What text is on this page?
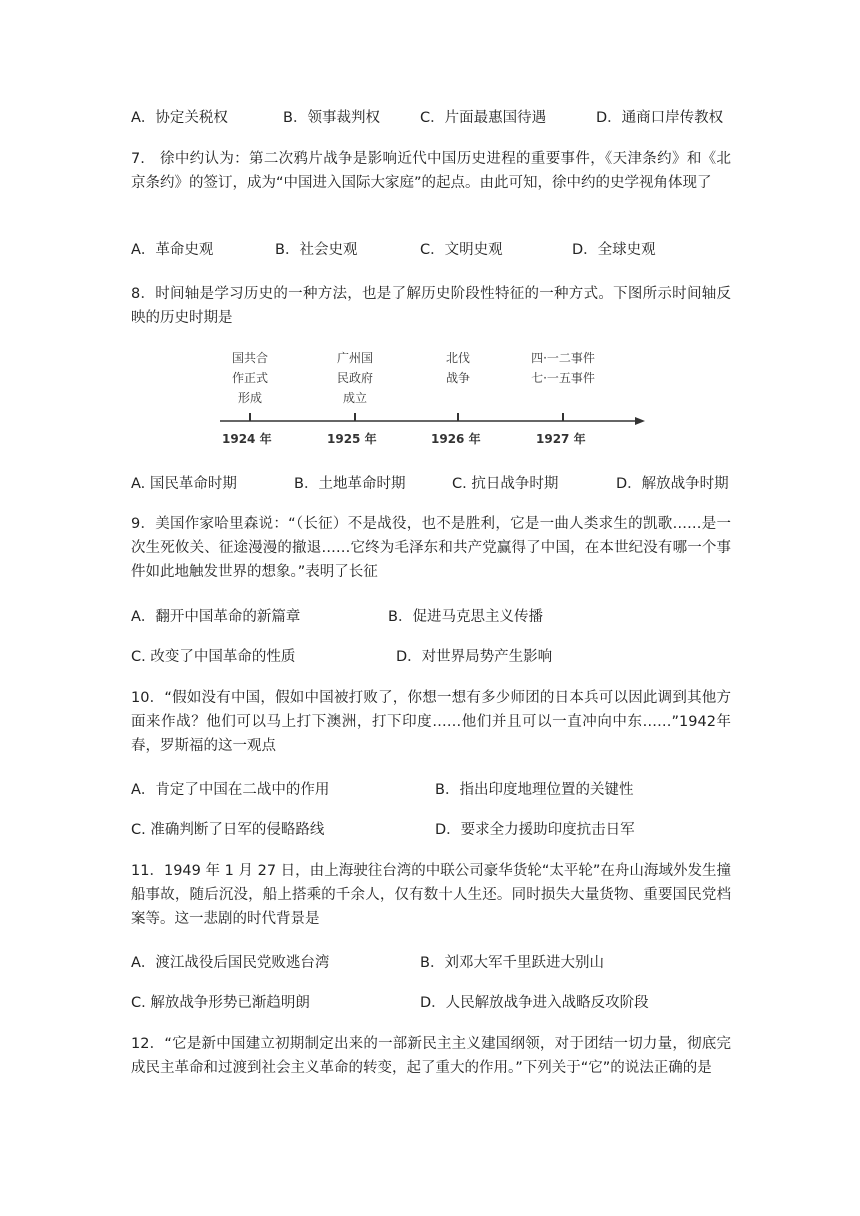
A．协定关税权	B．领事裁判权	C．片面最惠国待遇	D．通商口岸传教权
7.　徐中约认为：第二次鸦片战争是影响近代中国历史进程的重要事件，《天津条约》和《北京条约》的签订，成为“中国进入国际大家庭”的起点。由此可知，徐中约的史学视角体现了
A．革命史观	B．社会史观	C．文明史观	D．全球史观
8．时间轴是学习历史的一种方法，也是了解历史阶段性特征的一种方式。下图所示时间轴反映的历史时期是
国共合
作正式
形成
广州国
民政府
成立
北伐
战争
四·一二事件
七·一五事件
1924 年	1925 年	1926 年	1927 年
A. 国民革命时期	B．土地革命时期	C. 抗日战争时期	D．解放战争时期
9．美国作家哈里森说：“（长征）不是战役，也不是胜利，它是一曲人类求生的凯歌……是一次生死攸关、征途漫漫的撤退……它终为毛泽东和共产党赢得了中国，在本世纪没有哪一个事件如此地触发世界的想象。”表明了长征
A．翻开中国革命的新篇章	B．促进马克思主义传播
C. 改变了中国革命的性质	D．对世界局势产生影响
10．“假如没有中国，假如中国被打败了，你想一想有多少师团的日本兵可以因此调到其他方面来作战？他们可以马上打下澳洲，打下印度……他们并且可以一直冲向中东……”1942年春，罗斯福的这一观点
A．肯定了中国在二战中的作用	B．指出印度地理位置的关键性
C. 准确判断了日军的侵略路线	D．要求全力援助印度抗击日军
11．1949 年 1 月 27 日，由上海驶往台湾的中联公司豪华货轮“太平轮”在舟山海域外发生撞船事故，随后沉没，船上搭乘的千余人，仅有数十人生还。同时损失大量货物、重要国民党档案等。这一悲剧的时代背景是
A．渡江战役后国民党败逃台湾	B．刘邓大军千里跃进大别山
C. 解放战争形势已渐趋明朗	D．人民解放战争进入战略反攻阶段
12．“它是新中国建立初期制定出来的一部新民主主义建国纲领，对于团结一切力量，彻底完成民主革命和过渡到社会主义革命的转变，起了重大的作用。”下列关于“它”的说法正确的是
